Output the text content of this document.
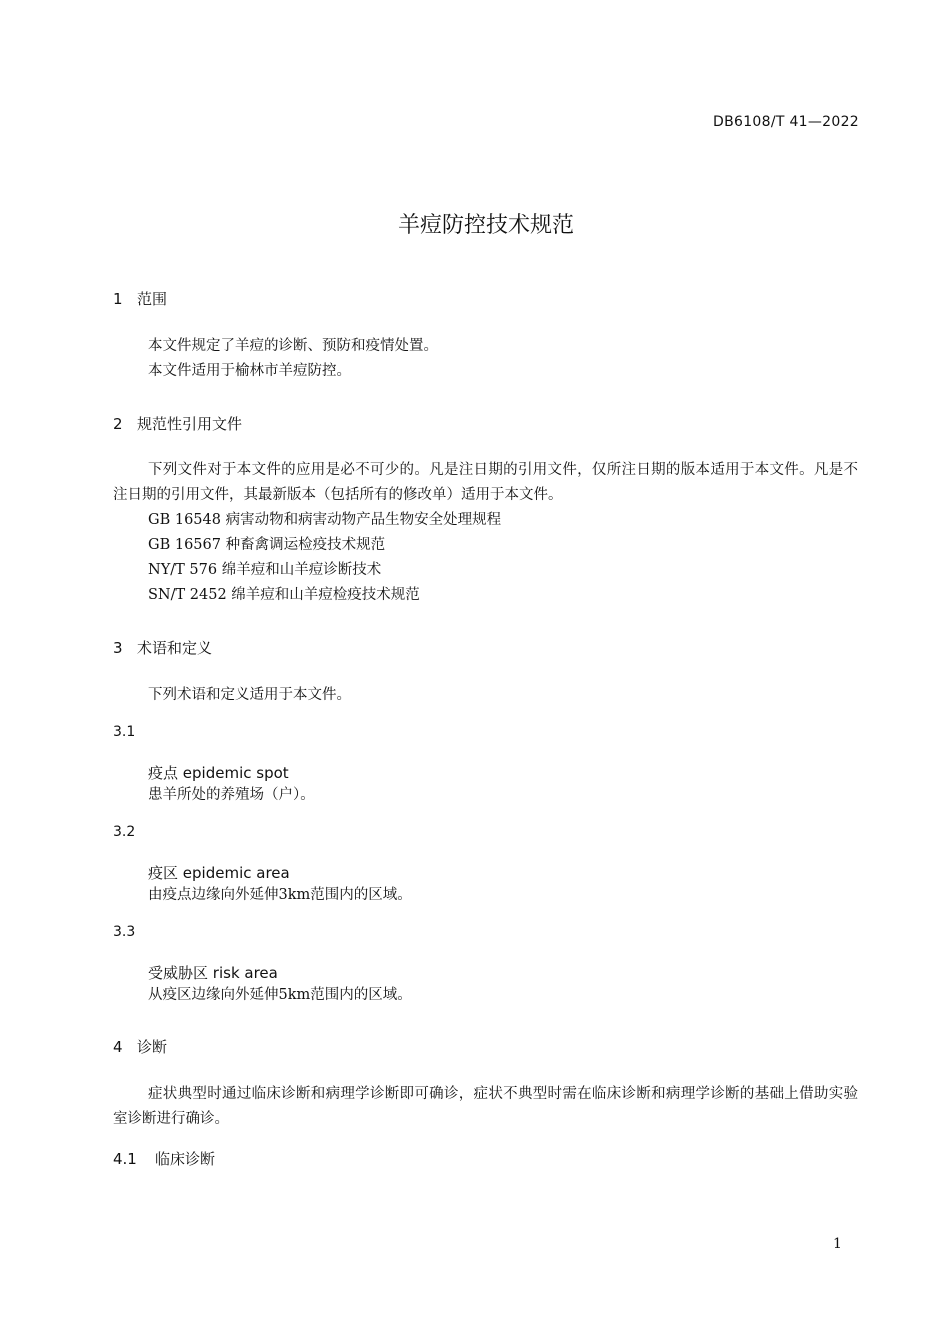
DB6108/T 41—2022
羊痘防控技术规范
1 范围
本文件规定了羊痘的诊断、预防和疫情处置。
本文件适用于榆林市羊痘防控。
2 规范性引用文件
下列文件对于本文件的应用是必不可少的。凡是注日期的引用文件，仅所注日期的版本适用于本文件。凡是不注日期的引用文件，其最新版本（包括所有的修改单）适用于本文件。
GB 16548 病害动物和病害动物产品生物安全处理规程
GB 16567 种畜禽调运检疫技术规范
NY/T 576 绵羊痘和山羊痘诊断技术
SN/T 2452 绵羊痘和山羊痘检疫技术规范
3 术语和定义
下列术语和定义适用于本文件。
3.1
疫点 epidemic spot
患羊所处的养殖场（户）。
3.2
疫区 epidemic area
由疫点边缘向外延伸3km范围内的区域。
3.3
受威胁区 risk area
从疫区边缘向外延伸5km范围内的区域。
4 诊断
症状典型时通过临床诊断和病理学诊断即可确诊，症状不典型时需在临床诊断和病理学诊断的基础上借助实验室诊断进行确诊。
4.1 临床诊断
1
